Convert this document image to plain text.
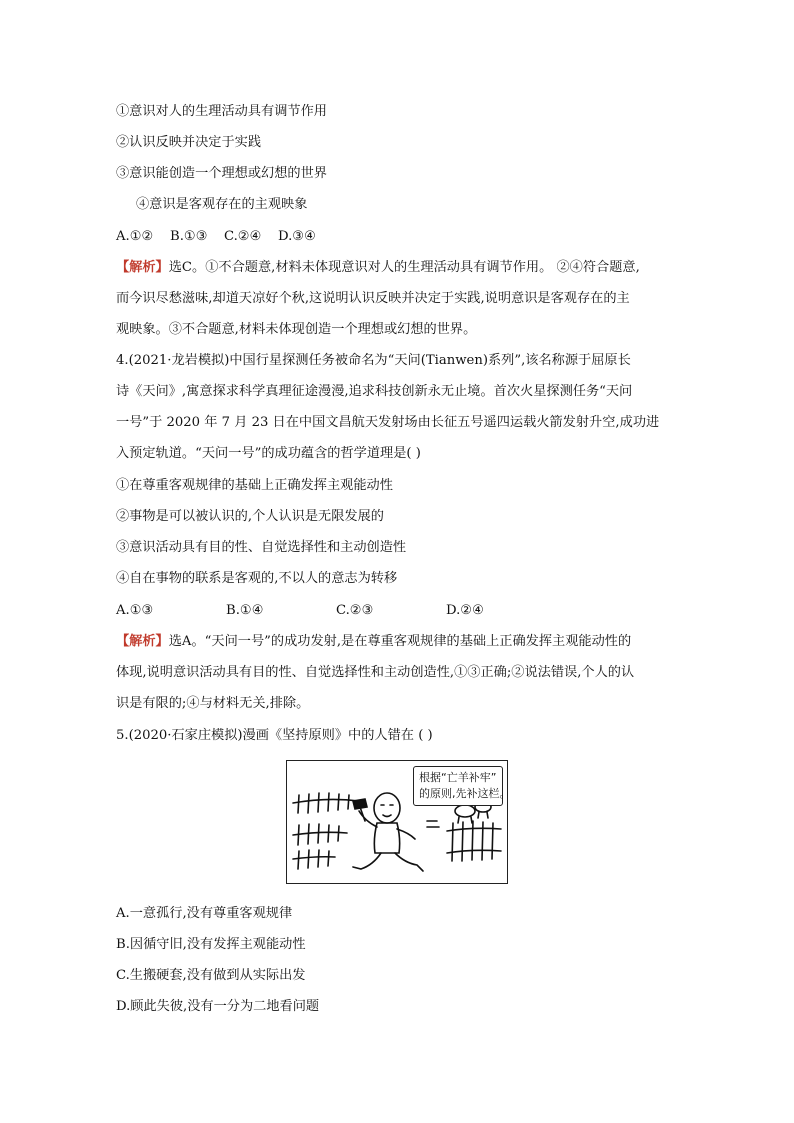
①意识对人的生理活动具有调节作用
②认识反映并决定于实践
③意识能创造一个理想或幻想的世界
④意识是客观存在的主观映象
A.①②	B.①③	C.②④	D.③④
【解析】选C。①不合题意,材料未体现意识对人的生理活动具有调节作用。 ②④符合题意,
而今识尽愁滋味,却道天凉好个秋,这说明认识反映并决定于实践,说明意识是客观存在的主
观映象。③不合题意,材料未体现创造一个理想或幻想的世界。
4.(2021·龙岩模拟)中国行星探测任务被命名为“天问(Tianwen)系列”,该名称源于屈原长
诗《天问》,寓意探求科学真理征途漫漫,追求科技创新永无止境。首次火星探测任务“天问
一号”于 2020 年 7 月 23 日在中国文昌航天发射场由长征五号遥四运载火箭发射升空,成功进
入预定轨道。“天问一号”的成功蕴含的哲学道理是( )
①在尊重客观规律的基础上正确发挥主观能动性
②事物是可以被认识的,个人认识是无限发展的
③意识活动具有目的性、自觉选择性和主动创造性
④自在事物的联系是客观的,不以人的意志为转移
A.①③	B.①④	C.②③	D.②④
【解析】选A。“天问一号”的成功发射,是在尊重客观规律的基础上正确发挥主观能动性的
体现,说明意识活动具有目的性、自觉选择性和主动创造性,①③正确;②说法错误,个人的认
识是有限的;④与材料无关,排除。
5.(2020·石家庄模拟)漫画《坚持原则》中的人错在 ( )
根据“亡羊补牢”
的原则,先补这栏。
A.一意孤行,没有尊重客观规律
B.因循守旧,没有发挥主观能动性
C.生搬硬套,没有做到从实际出发
D.顾此失彼,没有一分为二地看问题
